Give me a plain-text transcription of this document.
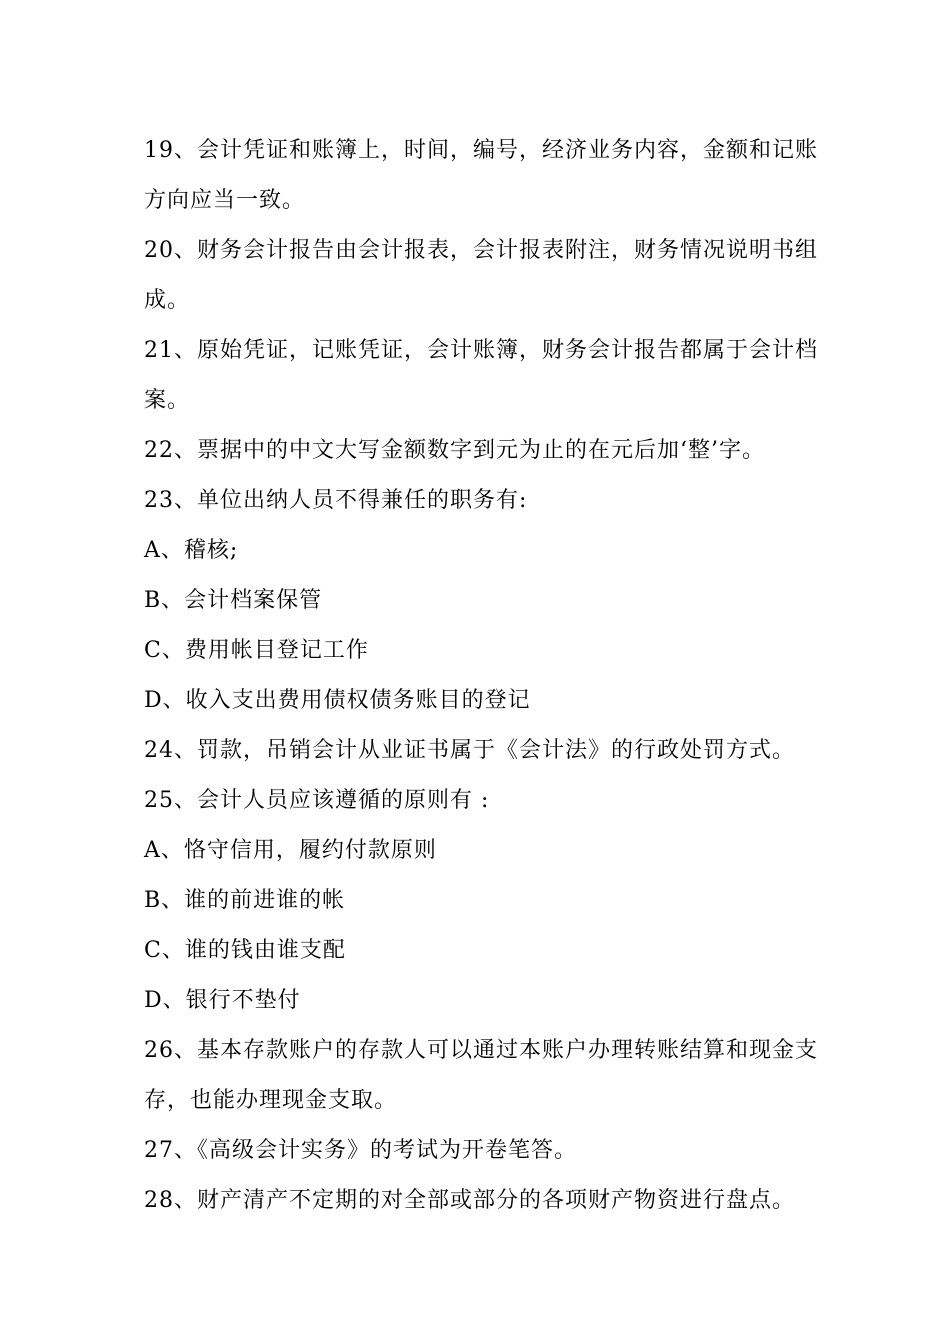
19、会计凭证和账簿上，时间，编号，经济业务内容，金额和记账
方向应当一致。
20、财务会计报告由会计报表，会计报表附注，财务情况说明书组
成。
21、原始凭证，记账凭证，会计账簿，财务会计报告都属于会计档
案。
22、票据中的中文大写金额数字到元为止的在元后加‘整’字。
23、单位出纳人员不得兼任的职务有:
A、稽核;
B、会计档案保管
C、费用帐目登记工作
D、收入支出费用债权债务账目的登记
24、罚款，吊销会计从业证书属于《会计法》的行政处罚方式。
25、会计人员应该遵循的原则有 :
A、恪守信用，履约付款原则
B、谁的前进谁的帐
C、谁的钱由谁支配
D、银行不垫付
26、基本存款账户的存款人可以通过本账户办理转账结算和现金支
存，也能办理现金支取。
27、《高级会计实务》的考试为开卷笔答。
28、财产清产不定期的对全部或部分的各项财产物资进行盘点。
